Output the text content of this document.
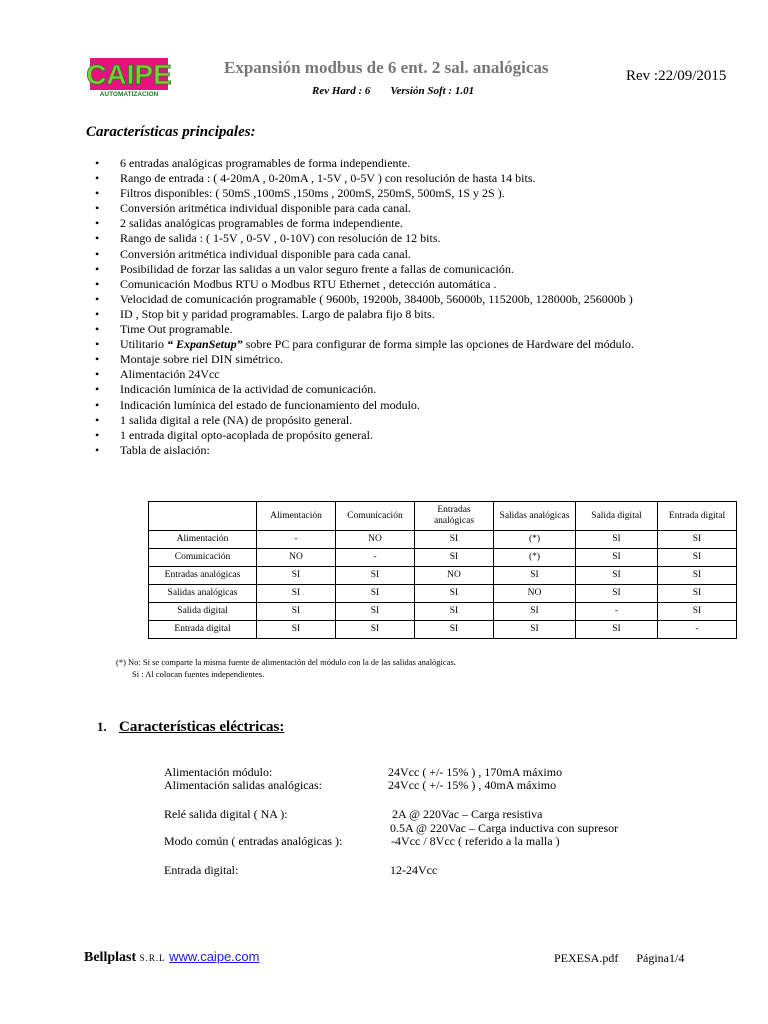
CAIPE
AUTOMATIZACION
Expansión modbus de 6 ent. 2 sal. analógicas	Rev :22/09/2015
Rev Hard : 6 Versión Soft : 1.01
Características principales:
• 6 entradas analógicas programables de forma independiente.
• Rango de entrada : ( 4-20mA , 0-20mA , 1-5V , 0-5V ) con resolución de hasta 14 bits.
• Filtros disponibles: ( 50mS ,100mS ,150ms , 200mS, 250mS, 500mS, 1S y 2S ).
• Conversión aritmética individual disponible para cada canal.
• 2 salidas analógicas programables de forma independiente.
• Rango de salida : ( 1-5V , 0-5V , 0-10V) con resolución de 12 bits.
• Conversión aritmética individual disponible para cada canal.
• Posibilidad de forzar las salidas a un valor seguro frente a fallas de comunicación.
• Comunicación Modbus RTU o Modbus RTU Ethernet , detección automática .
• Velocidad de comunicación programable ( 9600b, 19200b, 38400b, 56000b, 115200b, 128000b, 256000b )
• ID , Stop bit y paridad programables. Largo de palabra fijo 8 bits.
• Time Out programable.
• Utilitario “ ExpanSetup” sobre PC para configurar de forma simple las opciones de Hardware del módulo.
• Montaje sobre riel DIN simétrico.
• Alimentación 24Vcc
• Indicación lumínica de la actividad de comunicación.
• Indicación lumínica del estado de funcionamiento del modulo.
• 1 salida digital a rele (NA) de propósito general.
• 1 entrada digital opto-acoplada de propósito general.
• Tabla de aislación:
	Alimentación	Comunicación	Entradas analógicas	Salidas analógicas	Salida digital	Entrada digital
Alimentación	-	NO	SI	(*)	SI	SI
Comunicación	NO	-	SI	(*)	SI	SI
Entradas analógicas	SI	SI	NO	SI	SI	SI
Salidas analógicas	SI	SI	SI	NO	SI	SI
Salida digital	SI	SI	SI	SI	-	SI
Entrada digital	SI	SI	SI	SI	SI	-
(*) No: Si se comparte la misma fuente de alimentación del módulo con la de las salidas analógicas.
Si : Al colocan fuentes independientes.
1. Características eléctricas:
Alimentación módulo:	24Vcc ( +/- 15% ) , 170mA máximo
Alimentación salidas analógicas:	24Vcc ( +/- 15% ) , 40mA máximo
Relé salida digital ( NA ):	2A @ 220Vac – Carga resistiva
0.5A @ 220Vac – Carga inductiva con supresor
Modo común ( entradas analógicas ):	-4Vcc / 8Vcc ( referido a la malla )
Entrada digital:	12-24Vcc
Bellplast S.R.L www.caipe.com	PEXESA.pdf Página1/4
